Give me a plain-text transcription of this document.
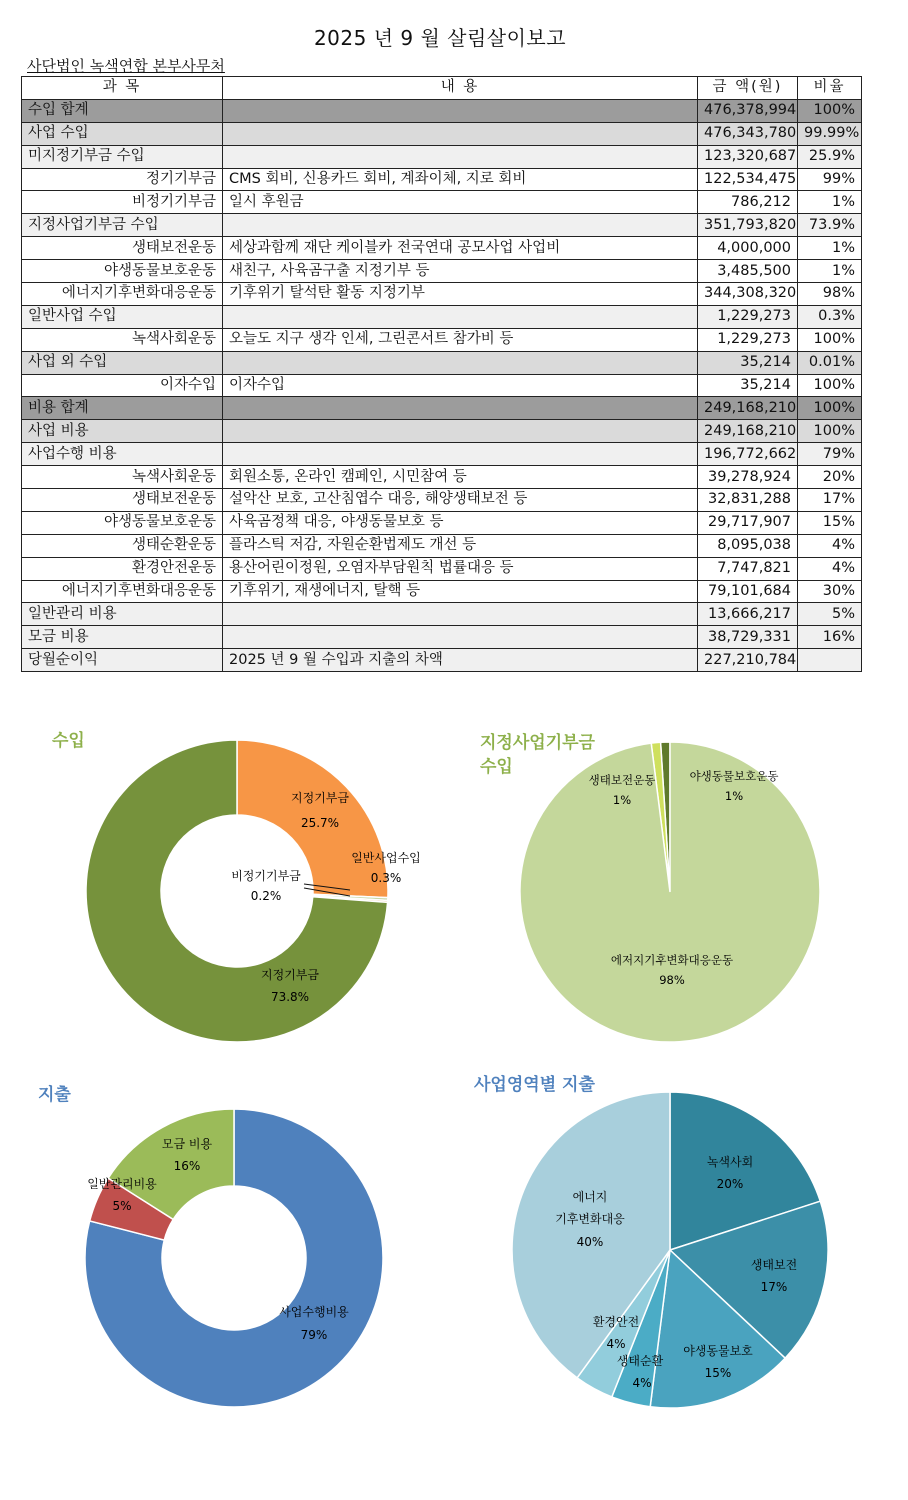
2025 년 9 월 살림살이보고
사단법인 녹색연합 본부사무처
과 목	내 용	금 액(원)	비율
수입 합계		476,378,994	100%
사업 수입		476,343,780	99.99%
미지정기부금 수입		123,320,687	25.9%
정기기부금	CMS 회비, 신용카드 회비, 계좌이체, 지로 회비	122,534,475	99%
비정기기부금	일시 후원금	786,212	1%
지정사업기부금 수입		351,793,820	73.9%
생태보전운동	세상과함께 재단 케이블카 전국연대 공모사업 사업비	4,000,000	1%
야생동물보호운동	새친구, 사육곰구출 지정기부 등	3,485,500	1%
에너지기후변화대응운동	기후위기 탈석탄 활동 지정기부	344,308,320	98%
일반사업 수입		1,229,273	0.3%
녹색사회운동	오늘도 지구 생각 인세, 그린콘서트 참가비 등	1,229,273	100%
사업 외 수입		35,214	0.01%
이자수입	이자수입	35,214	100%
비용 합계		249,168,210	100%
사업 비용		249,168,210	100%
사업수행 비용		196,772,662	79%
녹색사회운동	회원소통, 온라인 캠페인, 시민참여 등	39,278,924	20%
생태보전운동	설악산 보호, 고산침엽수 대응, 해양생태보전 등	32,831,288	17%
야생동물보호운동	사육곰정책 대응, 야생동물보호 등	29,717,907	15%
생태순환운동	플라스틱 저감, 자원순환법제도 개선 등	8,095,038	4%
환경안전운동	용산어린이정원, 오염자부담원칙 법률대응 등	7,747,821	4%
에너지기후변화대응운동	기후위기, 재생에너지, 탈핵 등	79,101,684	30%
일반관리 비용		13,666,217	5%
모금 비용		38,729,331	16%
당월순이익	2025 년 9 월 수입과 지출의 차액	227,210,784	
수입
지정기부금
25.7%
일반사업수입
0.3%
비정기기부금
0.2%
지정기부금
73.8%
지정사업기부금 수입
생태보전운동
1%
야생동물보호운동
1%
에저지기후변화대응운동
98%
지출
사업수행비용
79%
일반관리비용
5%
모금 비용
16%
사업영역별 지출
녹색사회
20%
생태보전
17%
야생동물보호
15%
생태순환
4%
환경안전
4%
에너지 기후변화대응
40%
